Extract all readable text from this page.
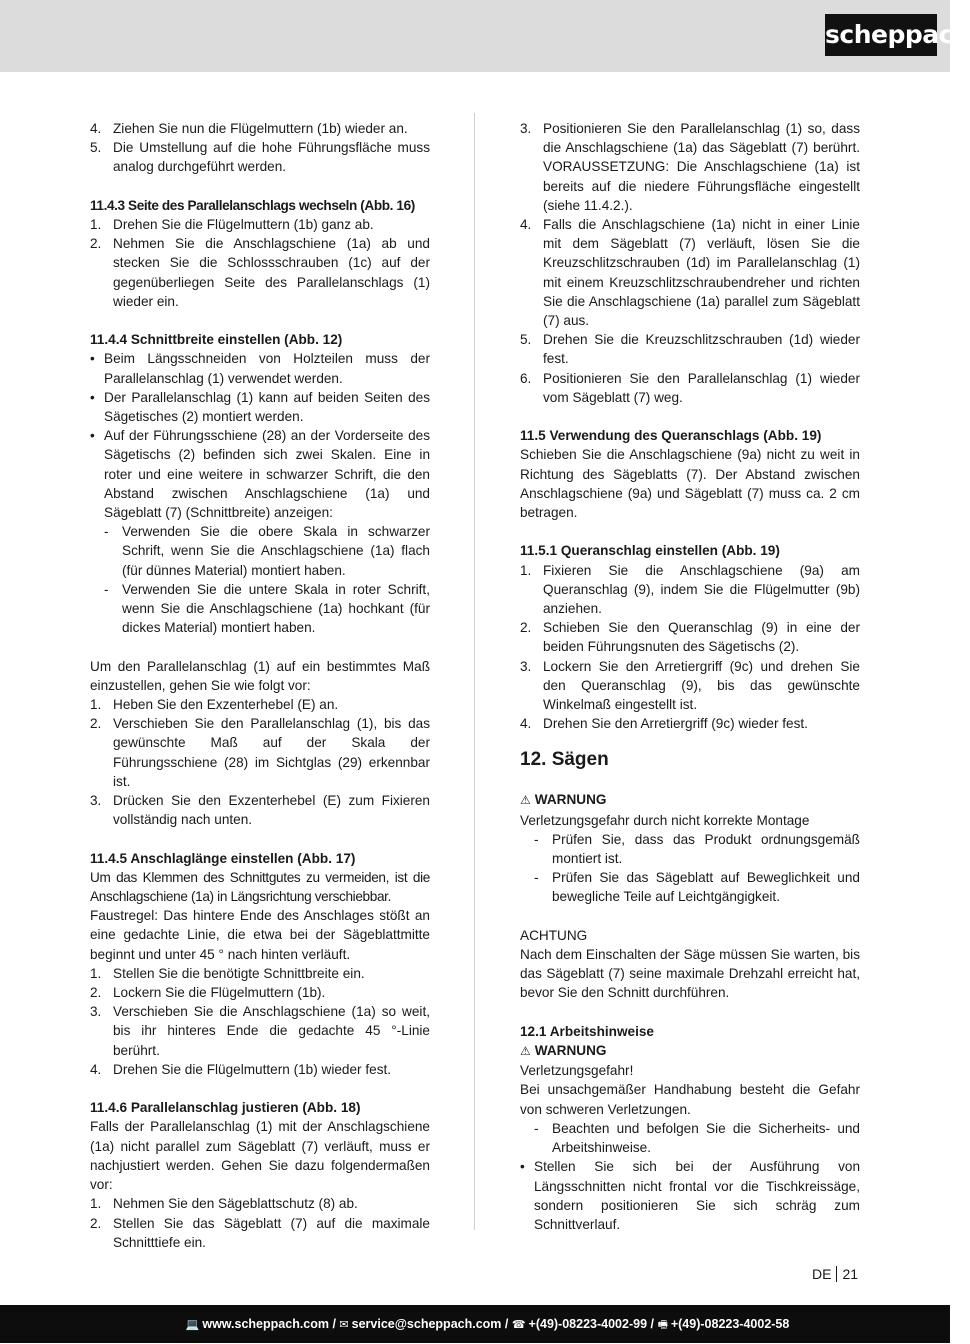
scheppach
4. Ziehen Sie nun die Flügelmuttern (1b) wieder an.
5. Die Umstellung auf die hohe Führungsfläche muss analog durchgeführt werden.
11.4.3 Seite des Parallelanschlags wechseln (Abb. 16)
1. Drehen Sie die Flügelmuttern (1b) ganz ab.
2. Nehmen Sie die Anschlagschiene (1a) ab und stecken Sie die Schlossschrauben (1c) auf der gegenüberliegen Seite des Parallelanschlags (1) wieder ein.
11.4.4 Schnittbreite einstellen (Abb. 12)
• Beim Längsschneiden von Holzteilen muss der Parallelanschlag (1) verwendet werden.
• Der Parallelanschlag (1) kann auf beiden Seiten des Sägetisches (2) montiert werden.
• Auf der Führungsschiene (28) an der Vorderseite des Sägetischs (2) befinden sich zwei Skalen. Eine in roter und eine weitere in schwarzer Schrift, die den Abstand zwischen Anschlagschiene (1a) und Sägeblatt (7) (Schnittbreite) anzeigen:
- Verwenden Sie die obere Skala in schwarzer Schrift, wenn Sie die Anschlagschiene (1a) flach (für dünnes Material) montiert haben.
- Verwenden Sie die untere Skala in roter Schrift, wenn Sie die Anschlagschiene (1a) hochkant (für dickes Material) montiert haben.
Um den Parallelanschlag (1) auf ein bestimmtes Maß einzustellen, gehen Sie wie folgt vor:
1. Heben Sie den Exzenterhebel (E) an.
2. Verschieben Sie den Parallelanschlag (1), bis das gewünschte Maß auf der Skala der Führungsschiene (28) im Sichtglas (29) erkennbar ist.
3. Drücken Sie den Exzenterhebel (E) zum Fixieren vollständig nach unten.
11.4.5 Anschlaglänge einstellen (Abb. 17)
Um das Klemmen des Schnittgutes zu vermeiden, ist die Anschlagschiene (1a) in Längsrichtung verschiebbar.
Faustregel: Das hintere Ende des Anschlages stößt an eine gedachte Linie, die etwa bei der Sägeblattmitte beginnt und unter 45 ° nach hinten verläuft.
1. Stellen Sie die benötigte Schnittbreite ein.
2. Lockern Sie die Flügelmuttern (1b).
3. Verschieben Sie die Anschlagschiene (1a) so weit, bis ihr hinteres Ende die gedachte 45 °-Linie berührt.
4. Drehen Sie die Flügelmuttern (1b) wieder fest.
11.4.6 Parallelanschlag justieren (Abb. 18)
Falls der Parallelanschlag (1) mit der Anschlagschiene (1a) nicht parallel zum Sägeblatt (7) verläuft, muss er nachjustiert werden. Gehen Sie dazu folgendermaßen vor:
1. Nehmen Sie den Sägeblattschutz (8) ab.
2. Stellen Sie das Sägeblatt (7) auf die maximale Schnitttiefe ein.
3. Positionieren Sie den Parallelanschlag (1) so, dass die Anschlagschiene (1a) das Sägeblatt (7) berührt. VORAUSSETZUNG: Die Anschlagschiene (1a) ist bereits auf die niedere Führungsfläche eingestellt (siehe 11.4.2.).
4. Falls die Anschlagschiene (1a) nicht in einer Linie mit dem Sägeblatt (7) verläuft, lösen Sie die Kreuzschlitzschrauben (1d) im Parallelanschlag (1) mit einem Kreuzschlitzschraubendreher und richten Sie die Anschlagschiene (1a) parallel zum Sägeblatt (7) aus.
5. Drehen Sie die Kreuzschlitzschrauben (1d) wieder fest.
6. Positionieren Sie den Parallelanschlag (1) wieder vom Sägeblatt (7) weg.
11.5 Verwendung des Queranschlags (Abb. 19)
Schieben Sie die Anschlagschiene (9a) nicht zu weit in Richtung des Sägeblatts (7). Der Abstand zwischen Anschlagschiene (9a) und Sägeblatt (7) muss ca. 2 cm betragen.
11.5.1 Queranschlag einstellen (Abb. 19)
1. Fixieren Sie die Anschlagschiene (9a) am Queranschlag (9), indem Sie die Flügelmutter (9b) anziehen.
2. Schieben Sie den Queranschlag (9) in eine der beiden Führungsnuten des Sägetischs (2).
3. Lockern Sie den Arretiergriff (9c) und drehen Sie den Queranschlag (9), bis das gewünschte Winkelmaß eingestellt ist.
4. Drehen Sie den Arretiergriff (9c) wieder fest.
12. Sägen
⚠ WARNUNG
Verletzungsgefahr durch nicht korrekte Montage
- Prüfen Sie, dass das Produkt ordnungsgemäß montiert ist.
- Prüfen Sie das Sägeblatt auf Beweglichkeit und bewegliche Teile auf Leichtgängigkeit.
ACHTUNG
Nach dem Einschalten der Säge müssen Sie warten, bis das Sägeblatt (7) seine maximale Drehzahl erreicht hat, bevor Sie den Schnitt durchführen.
12.1 Arbeitshinweise
⚠ WARNUNG
Verletzungsgefahr!
Bei unsachgemäßer Handhabung besteht die Gefahr von schweren Verletzungen.
- Beachten und befolgen Sie die Sicherheits- und Arbeitshinweise.
• Stellen Sie sich bei der Ausführung von Längsschnitten nicht frontal vor die Tischkreissäge, sondern positionieren Sie sich schräg zum Schnittverlauf.
DE 21
💻 www.scheppach.com / ✉ service@scheppach.com / ☎ +(49)-08223-4002-99 / 🖷 +(49)-08223-4002-58
